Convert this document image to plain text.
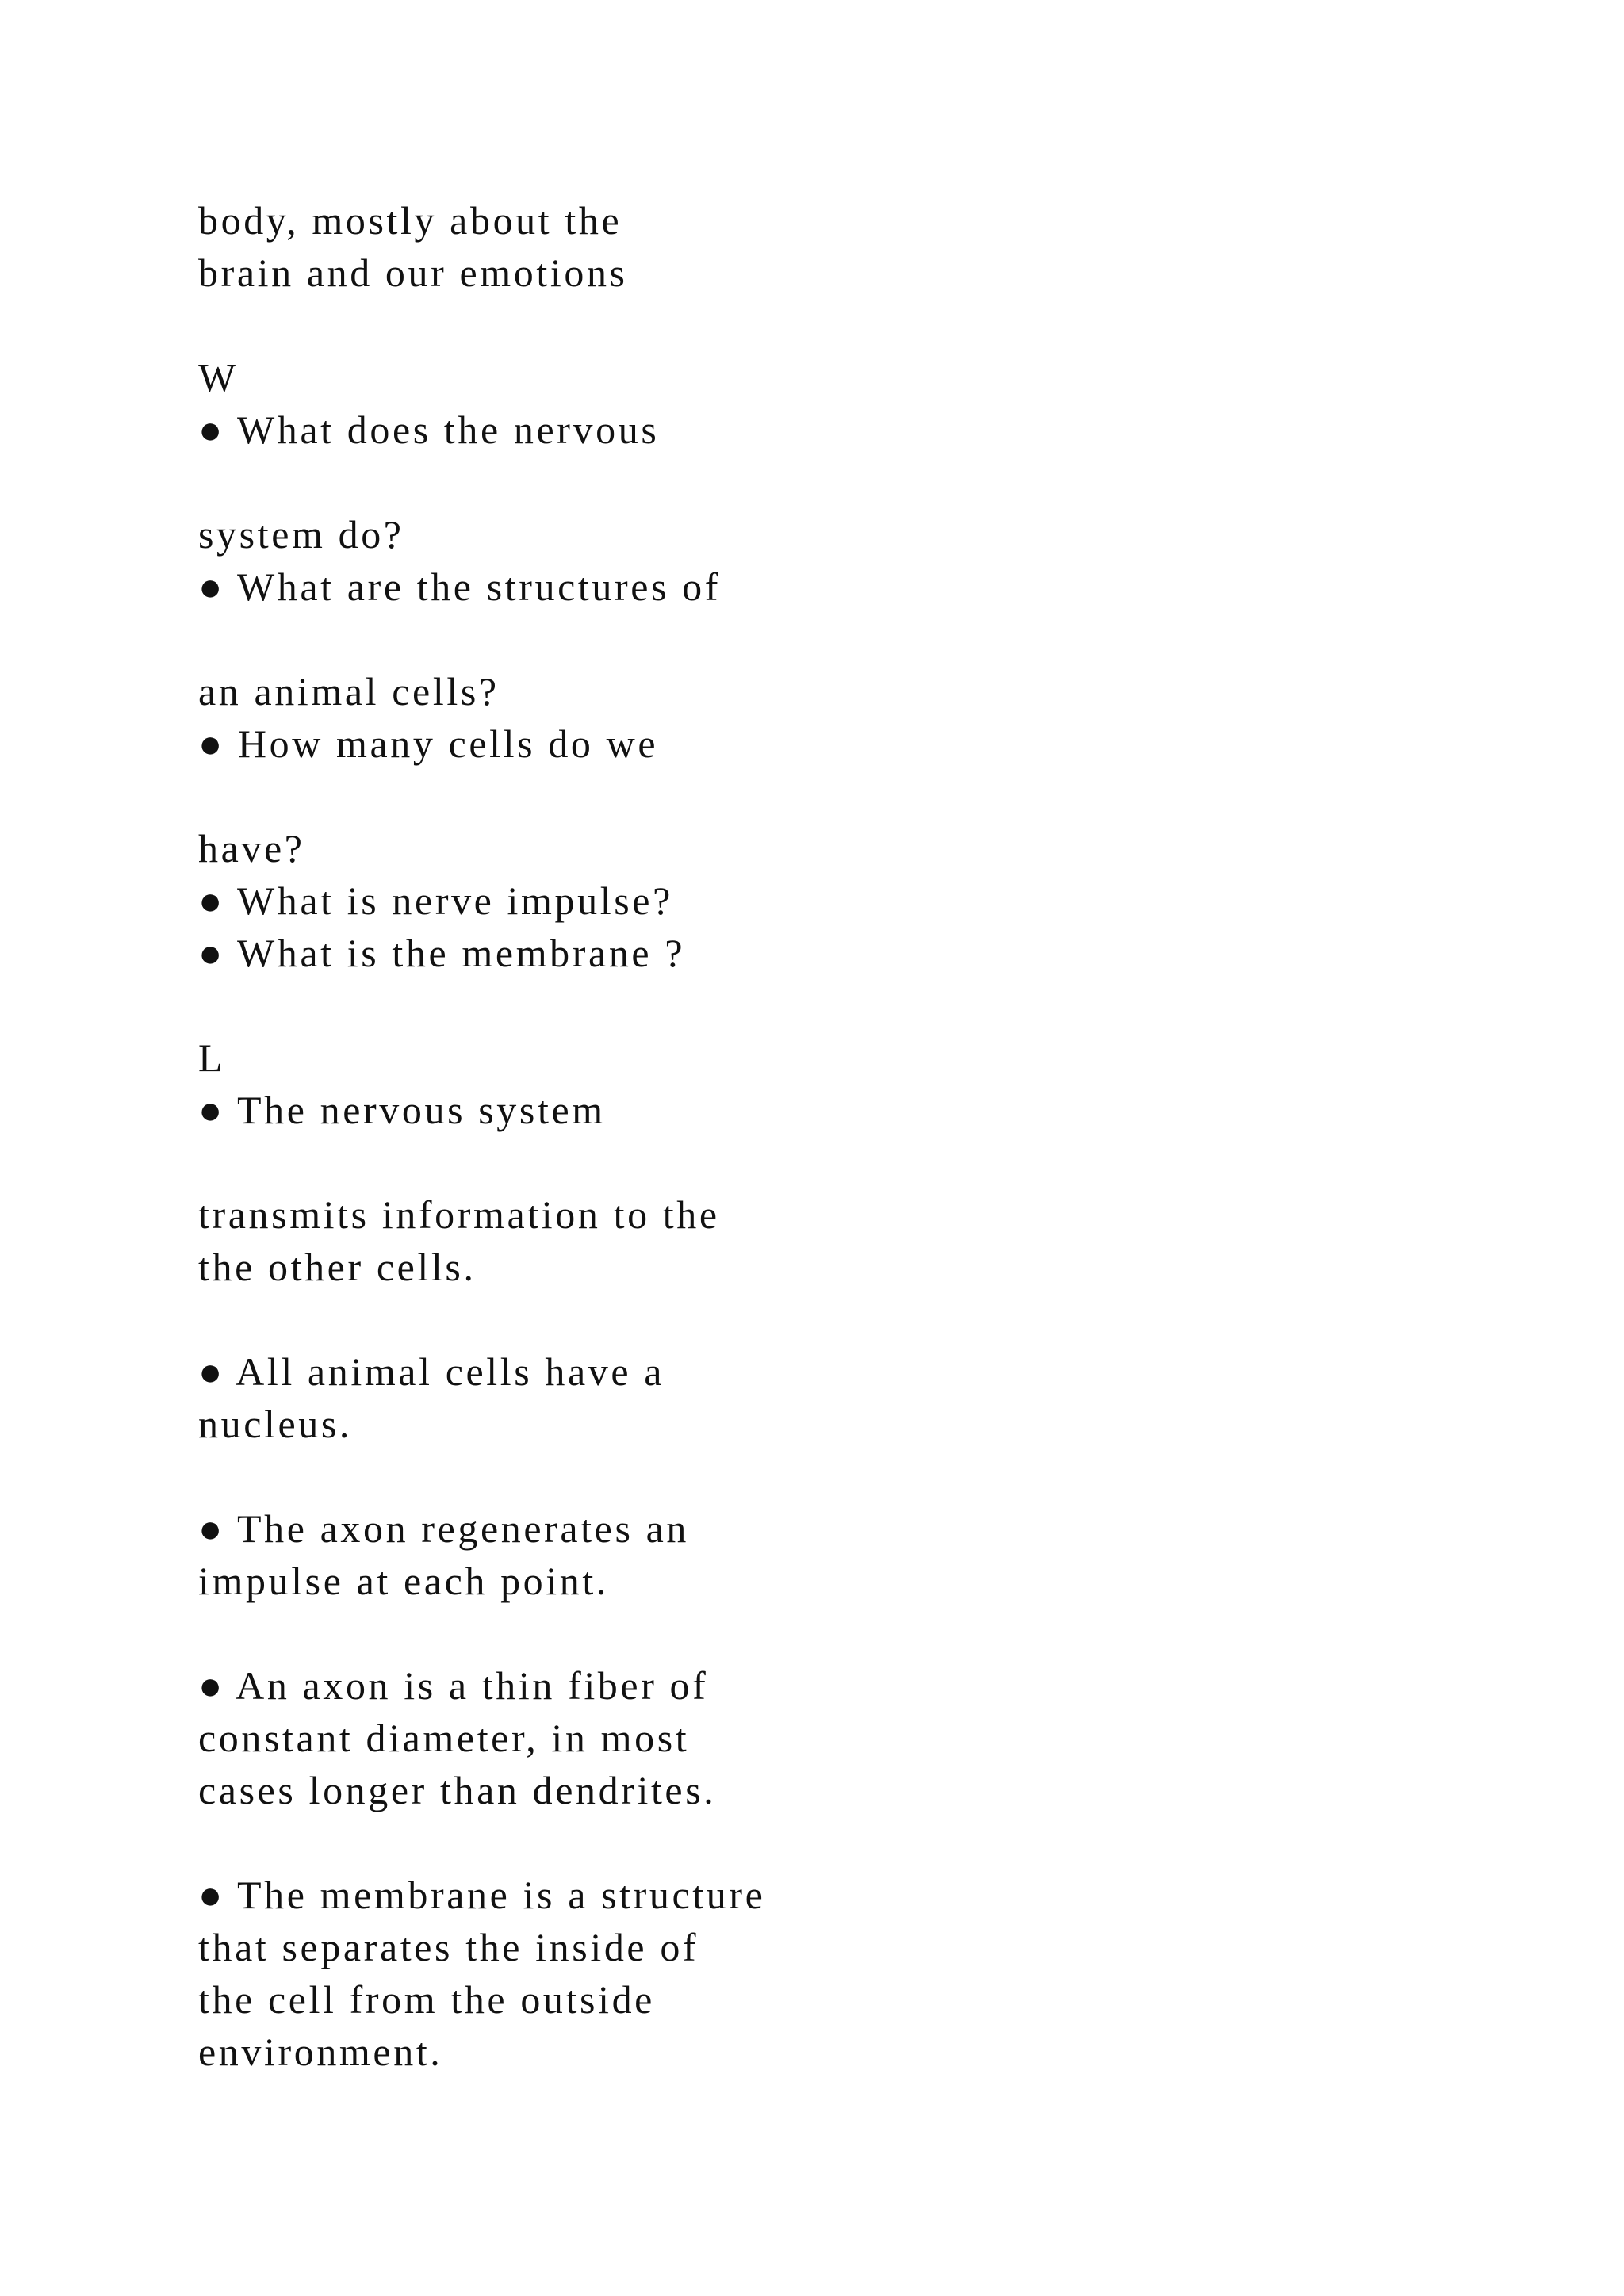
body, mostly about the
brain and our emotions
W
● What does the nervous
system do?
● What are the structures of
an animal cells?
● How many cells do we
have?
● What is nerve impulse?
● What is the membrane ?
L
● The nervous system
transmits information to the
the other cells.
● All animal cells have a
nucleus.
● The axon regenerates an
impulse at each point.
● An axon is a thin fiber of
constant diameter, in most
cases longer than dendrites.
● The membrane is a structure
that separates the inside of
the cell from the outside
environment.
